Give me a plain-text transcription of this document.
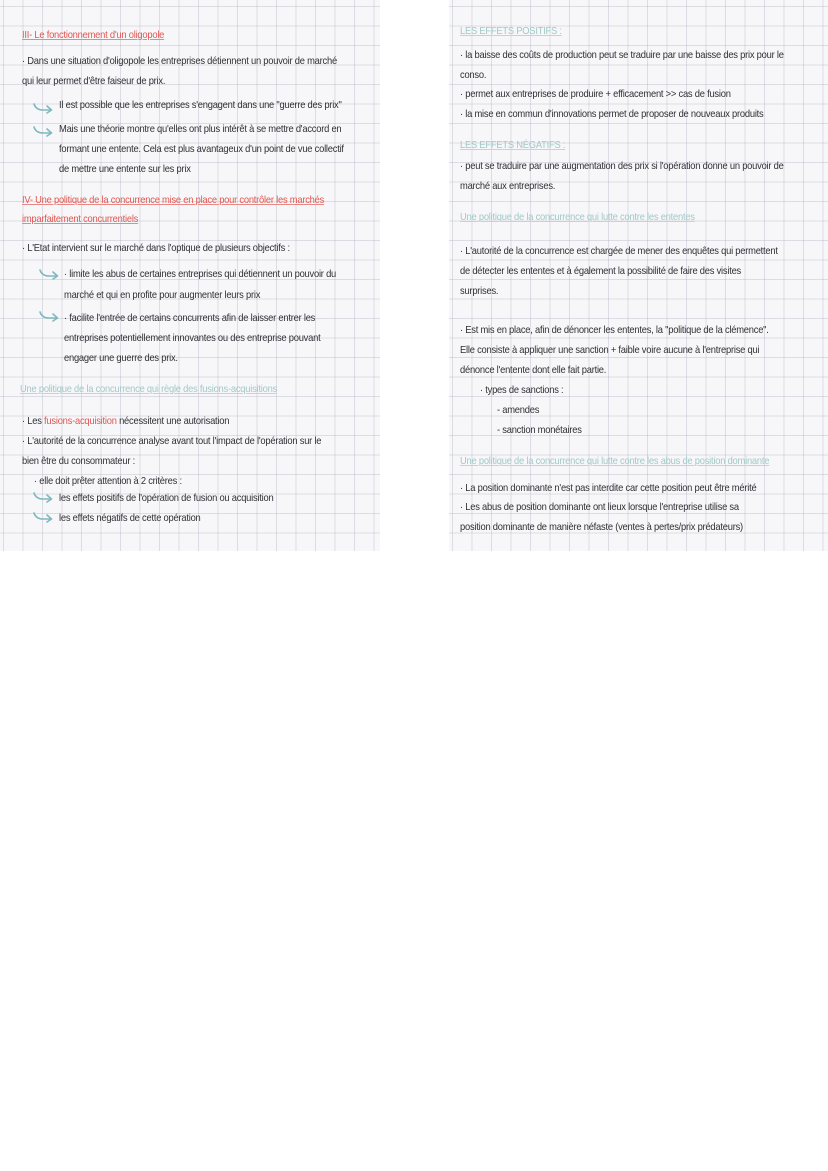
III- Le fonctionnement d'un oligopole
· Dans une situation d'oligopole les entreprises détiennent un pouvoir de marché
qui leur permet d'être faiseur de prix.
Il est possible que les entreprises s'engagent dans une "guerre des prix"
Mais une théorie montre qu'elles ont plus intérêt à se mettre d'accord en
formant une entente. Cela est plus avantageux d'un point de vue collectif
de mettre une entente sur les prix
IV- Une politique de la concurrence mise en place pour contrôler les marchés
imparfaitement concurrentiels
· L'Etat intervient sur le marché dans l'optique de plusieurs objectifs :
· limite les abus de certaines entreprises qui détiennent un pouvoir du
marché et qui en profite pour augmenter leurs prix
· facilite l'entrée de certains concurrents afin de laisser entrer les
entreprises potentiellement innovantes ou des entreprise pouvant
engager une guerre des prix.
Une politique de la concurrence qui règle des fusions-acquisitions
· Les fusions-acquisition nécessitent une autorisation
· L'autorité de la concurrence analyse avant tout l'impact de l'opération sur le
bien être du consommateur :
· elle doit prêter attention à 2 critères :
les effets positifs de l'opération de fusion ou acquisition
les effets négatifs de cette opération
LES EFFETS POSITIFS :
· la baisse des coûts de production peut se traduire par une baisse des prix pour le
conso.
· permet aux entreprises de produire + efficacement >> cas de fusion
· la mise en commun d'innovations permet de proposer de nouveaux produits
LES EFFETS NÉGATIFS :
· peut se traduire par une augmentation des prix si l'opération donne un pouvoir de
marché aux entreprises.
Une politique de la concurrence qui lutte contre les ententes
· L'autorité de la concurrence est chargée de mener des enquêtes qui permettent
de détecter les ententes et à également la possibilité de faire des visites
surprises.
· Est mis en place, afin de dénoncer les ententes, la "politique de la clémence".
Elle consiste à appliquer une sanction + faible voire aucune à l'entreprise qui
dénonce l'entente dont elle fait partie.
· types de sanctions :
- amendes
- sanction monétaires
Une politique de la concurrence qui lutte contre les abus de position dominante
· La position dominante n'est pas interdite car cette position peut être mérité
· Les abus de position dominante ont lieux lorsque l'entreprise utilise sa
position dominante de manière néfaste (ventes à pertes/prix prédateurs)
